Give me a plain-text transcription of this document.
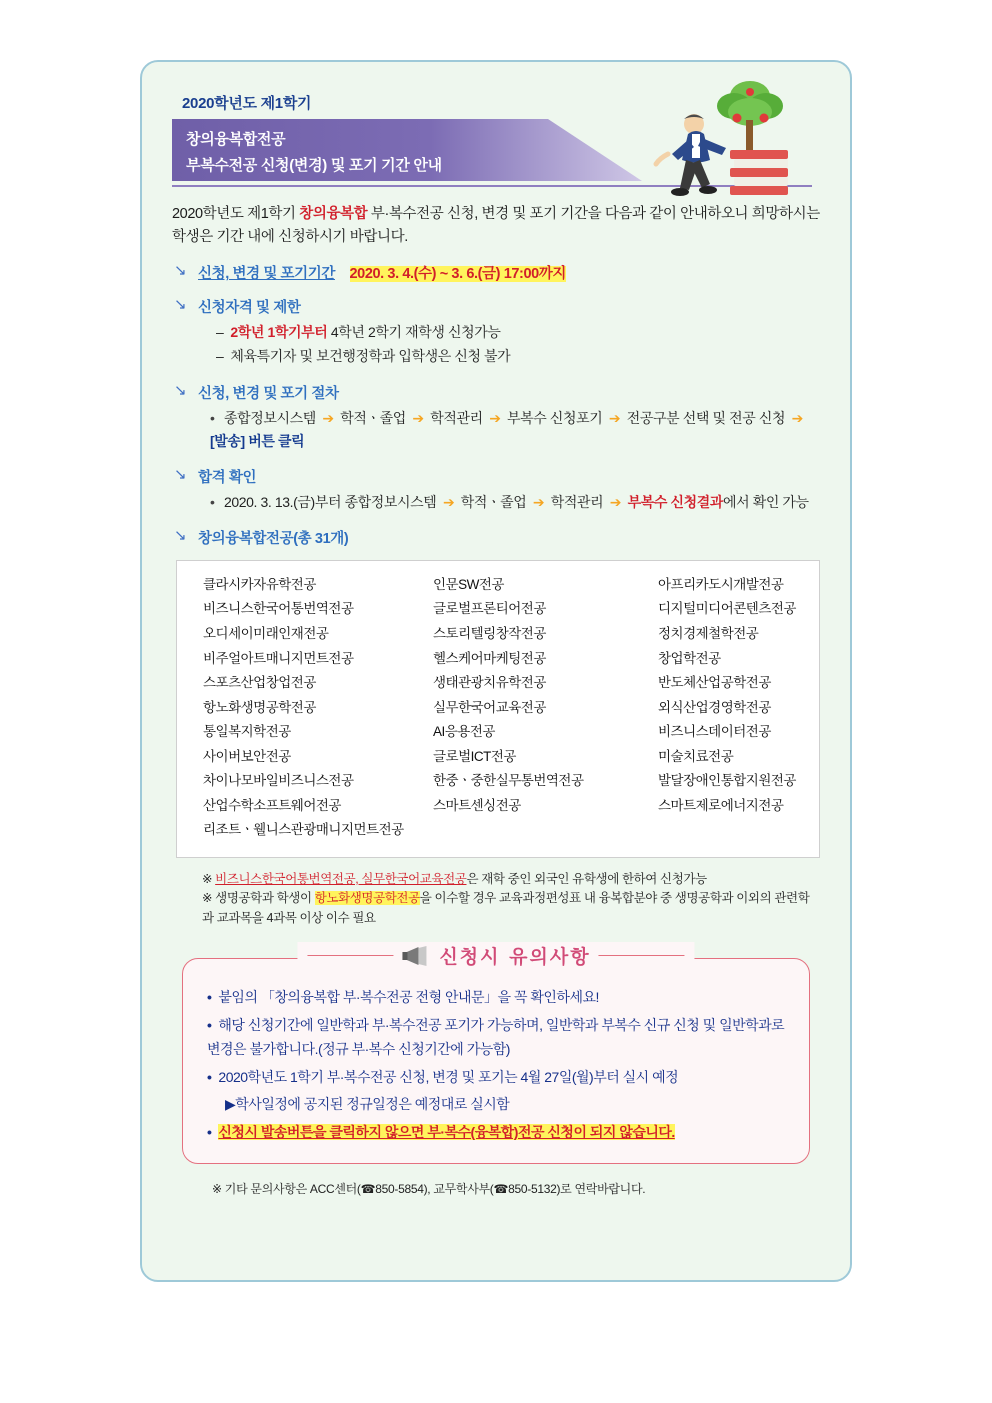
2020학년도 제1학기
창의융복합전공
부복수전공 신청(변경) 및 포기 기간 안내
2020학년도 제1학기 창의융복합 부·복수전공 신청, 변경 및 포기 기간을 다음과 같이 안내하오니 희망하시는 학생은 기간 내에 신청하시기 바랍니다.
↘ 신청, 변경 및 포기기간 2020. 3. 4.(수) ~ 3. 6.(금) 17:00까지
↘ 신청자격 및 제한
–  2학년 1학기부터 4학년 2학기 재학생 신청가능
–  체육특기자 및 보건행정학과 입학생은 신청 불가
↘ 신청, 변경 및 포기 절차
• 종합정보시스템 ➔ 학적ㆍ졸업 ➔ 학적관리 ➔ 부복수 신청포기 ➔ 전공구분 선택 및 전공 신청 ➔ [발송] 버튼 클릭
↘ 합격 확인
• 2020. 3. 13.(금)부터 종합정보시스템 ➔ 학적ㆍ졸업 ➔ 학적관리 ➔ 부복수 신청결과에서 확인 가능
↘ 창의융복합전공(총 31개)
클라시카자유학전공
비즈니스한국어통번역전공
오디세이미래인재전공
비주얼아트매니지먼트전공
스포츠산업창업전공
항노화생명공학전공
통일복지학전공
사이버보안전공
차이나모바일비즈니스전공
산업수학소프트웨어전공
리조트ㆍ웰니스관광매니지먼트전공
인문SW전공
글로벌프론티어전공
스토리텔링창작전공
헬스케어마케팅전공
생태관광치유학전공
실무한국어교육전공
AI응용전공
글로벌ICT전공
한중ㆍ중한실무통번역전공
스마트센싱전공
아프리카도시개발전공
디지털미디어콘텐츠전공
정치경제철학전공
창업학전공
반도체산업공학전공
외식산업경영학전공
비즈니스데이터전공
미술치료전공
발달장애인통합지원전공
스마트제로에너지전공
※ 비즈니스한국어통번역전공, 실무한국어교육전공은 재학 중인 외국인 유학생에 한하여 신청가능
※ 생명공학과 학생이 항노화생명공학전공을 이수할 경우 교육과정편성표 내 융복합분야 중 생명공학과 이외의 관련학과 교과목을 4과목 이상 이수 필요
신청시 유의사항
• 붙임의 「창의융복합 부·복수전공 전형 안내문」을 꼭 확인하세요!
• 해당 신청기간에 일반학과 부·복수전공 포기가 가능하며, 일반학과 부복수 신규 신청 및 일반학과로 변경은 불가합니다.(정규 부·복수 신청기간에 가능함)
• 2020학년도 1학기 부·복수전공 신청, 변경 및 포기는 4월 27일(월)부터 실시 예정
▶학사일정에 공지된 정규일정은 예정대로 실시함
• 신청시 발송버튼을 클릭하지 않으면 부·복수(융복합)전공 신청이 되지 않습니다.
※ 기타 문의사항은 ACC센터(☎850-5854), 교무학사부(☎850-5132)로 연락바랍니다.
